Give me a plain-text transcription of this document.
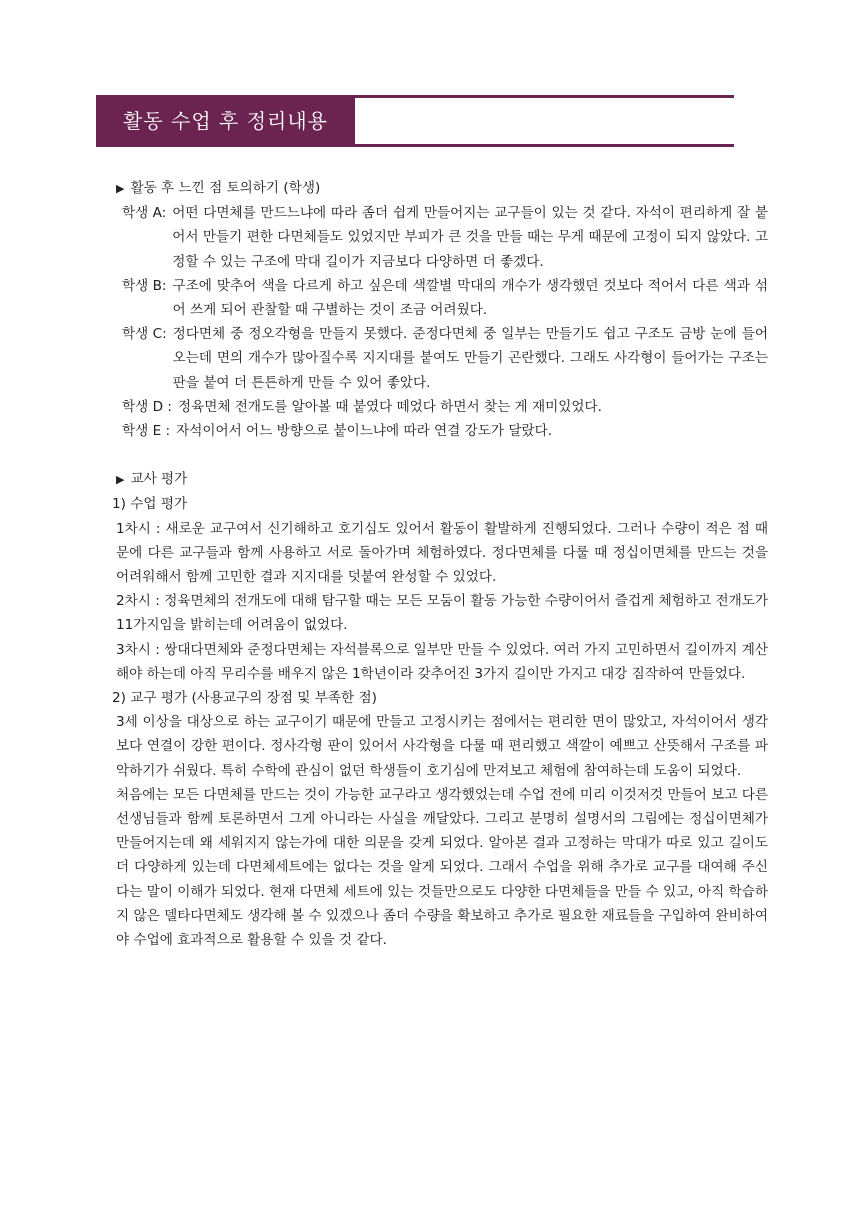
활동 수업 후 정리내용

▶ 활동 후 느낀 점 토의하기 (학생)

학생 A: 어떤 다면체를 만드느냐에 따라 좀더 쉽게 만들어지는 교구들이 있는 것 같다. 자석이 편리하게 잘 붙어서 만들기 편한 다면체들도 있었지만 부피가 큰 것을 만들 때는 무게 때문에 고정이 되지 않았다. 고정할 수 있는 구조에 막대 길이가 지금보다 다양하면 더 좋겠다.
학생 B: 구조에 맞추어 색을 다르게 하고 싶은데 색깔별 막대의 개수가 생각했던 것보다 적어서 다른 색과 섞어 쓰게 되어 관찰할 때 구별하는 것이 조금 어려웠다.
학생 C: 정다면체 중 정오각형을 만들지 못했다. 준정다면체 중 일부는 만들기도 쉽고 구조도 금방 눈에 들어오는데 면의 개수가 많아질수록 지지대를 붙여도 만들기 곤란했다. 그래도 사각형이 들어가는 구조는 판을 붙여 더 튼튼하게 만들 수 있어 좋았다.
학생 D : 정육면체 전개도를 알아볼 때 붙였다 떼었다 하면서 찾는 게 재미있었다.
학생 E : 자석이어서 어느 방향으로 붙이느냐에 따라 연결 강도가 달랐다.

▶ 교사 평가

1) 수업 평가

1차시 : 새로운 교구여서 신기해하고 호기심도 있어서 활동이 활발하게 진행되었다. 그러나 수량이 적은 점 때문에 다른 교구들과 함께 사용하고 서로 돌아가며 체험하였다. 정다면체를 다룰 때 정십이면체를 만드는 것을 어려워해서 함께 고민한 결과 지지대를 덧붙여 완성할 수 있었다.

2차시 : 정육면체의 전개도에 대해 탐구할 때는 모든 모둠이 활동 가능한 수량이어서 즐겁게 체험하고 전개도가 11가지임을 밝히는데 어려움이 없었다.

3차시 : 쌍대다면체와 준정다면체는 자석블록으로 일부만 만들 수 있었다. 여러 가지 고민하면서 길이까지 계산해야 하는데 아직 무리수를 배우지 않은 1학년이라 갖추어진 3가지 길이만 가지고 대강 짐작하여 만들었다.

2) 교구 평가 (사용교구의 장점 및 부족한 점)

3세 이상을 대상으로 하는 교구이기 때문에 만들고 고정시키는 점에서는 편리한 면이 많았고, 자석이어서 생각보다 연결이 강한 편이다. 정사각형 판이 있어서 사각형을 다룰 때 편리했고 색깔이 예쁘고 산뜻해서 구조를 파악하기가 쉬웠다. 특히 수학에 관심이 없던 학생들이 호기심에 만져보고 체험에 참여하는데 도움이 되었다.

처음에는 모든 다면체를 만드는 것이 가능한 교구라고 생각했었는데 수업 전에 미리 이것저것 만들어 보고 다른 선생님들과 함께 토론하면서 그게 아니라는 사실을 깨달았다. 그리고 분명히 설명서의 그림에는 정십이면체가 만들어지는데 왜 세워지지 않는가에 대한 의문을 갖게 되었다. 알아본 결과 고정하는 막대가 따로 있고 길이도 더 다양하게 있는데 다면체세트에는 없다는 것을 알게 되었다. 그래서 수업을 위해 추가로 교구를 대여해 주신다는 말이 이해가 되었다. 현재 다면체 세트에 있는 것들만으로도 다양한 다면체들을 만들 수 있고, 아직 학습하지 않은 델타다면체도 생각해 볼 수 있겠으나 좀더 수량을 확보하고 추가로 필요한 재료들을 구입하여 완비하여야 수업에 효과적으로 활용할 수 있을 것 같다.
